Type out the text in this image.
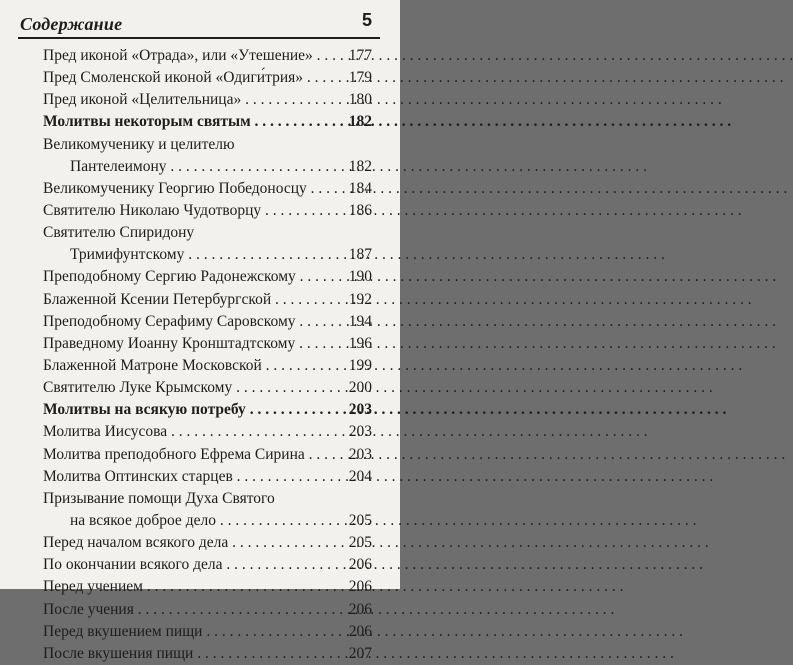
Содержание	5
Пред иконой «Отрада», или «Утешение» . . .	177
Пред Смоленской иконой «Одиги́трия» . . .	179
Пред иконой «Целительница» . . .	180
Молитвы некоторым святым . . .	182
Великомученику и целителю
Пантелеимону . . .	182
Великомученику Георгию Победоносцу . . .	184
Святителю Николаю Чудотворцу . . .	186
Святителю Спиридону
Тримифунтскому . . .	187
Преподобному Сергию Радонежскому . . .	190
Блаженной Ксении Петербургской . . .	192
Преподобному Серафиму Саровскому . . .	194
Праведному Иоанну Кронштадтскому . . .	196
Блаженной Матроне Московской . . .	199
Святителю Луке Крымскому . . .	200
Молитвы на всякую потребу . . .	203
Молитва Иисусова . . .	203
Молитва преподобного Ефрема Сирина . . .	203
Молитва Оптинских старцев . . .	204
Призывание помощи Духа Святого
на всякое доброе дело . . .	205
Перед началом всякого дела . . .	205
По окончании всякого дела . . .	206
Перед учением . . .	206
После учения . . .	206
Перед вкушением пищи . . .	206
После вкушения пищи . . .	207
